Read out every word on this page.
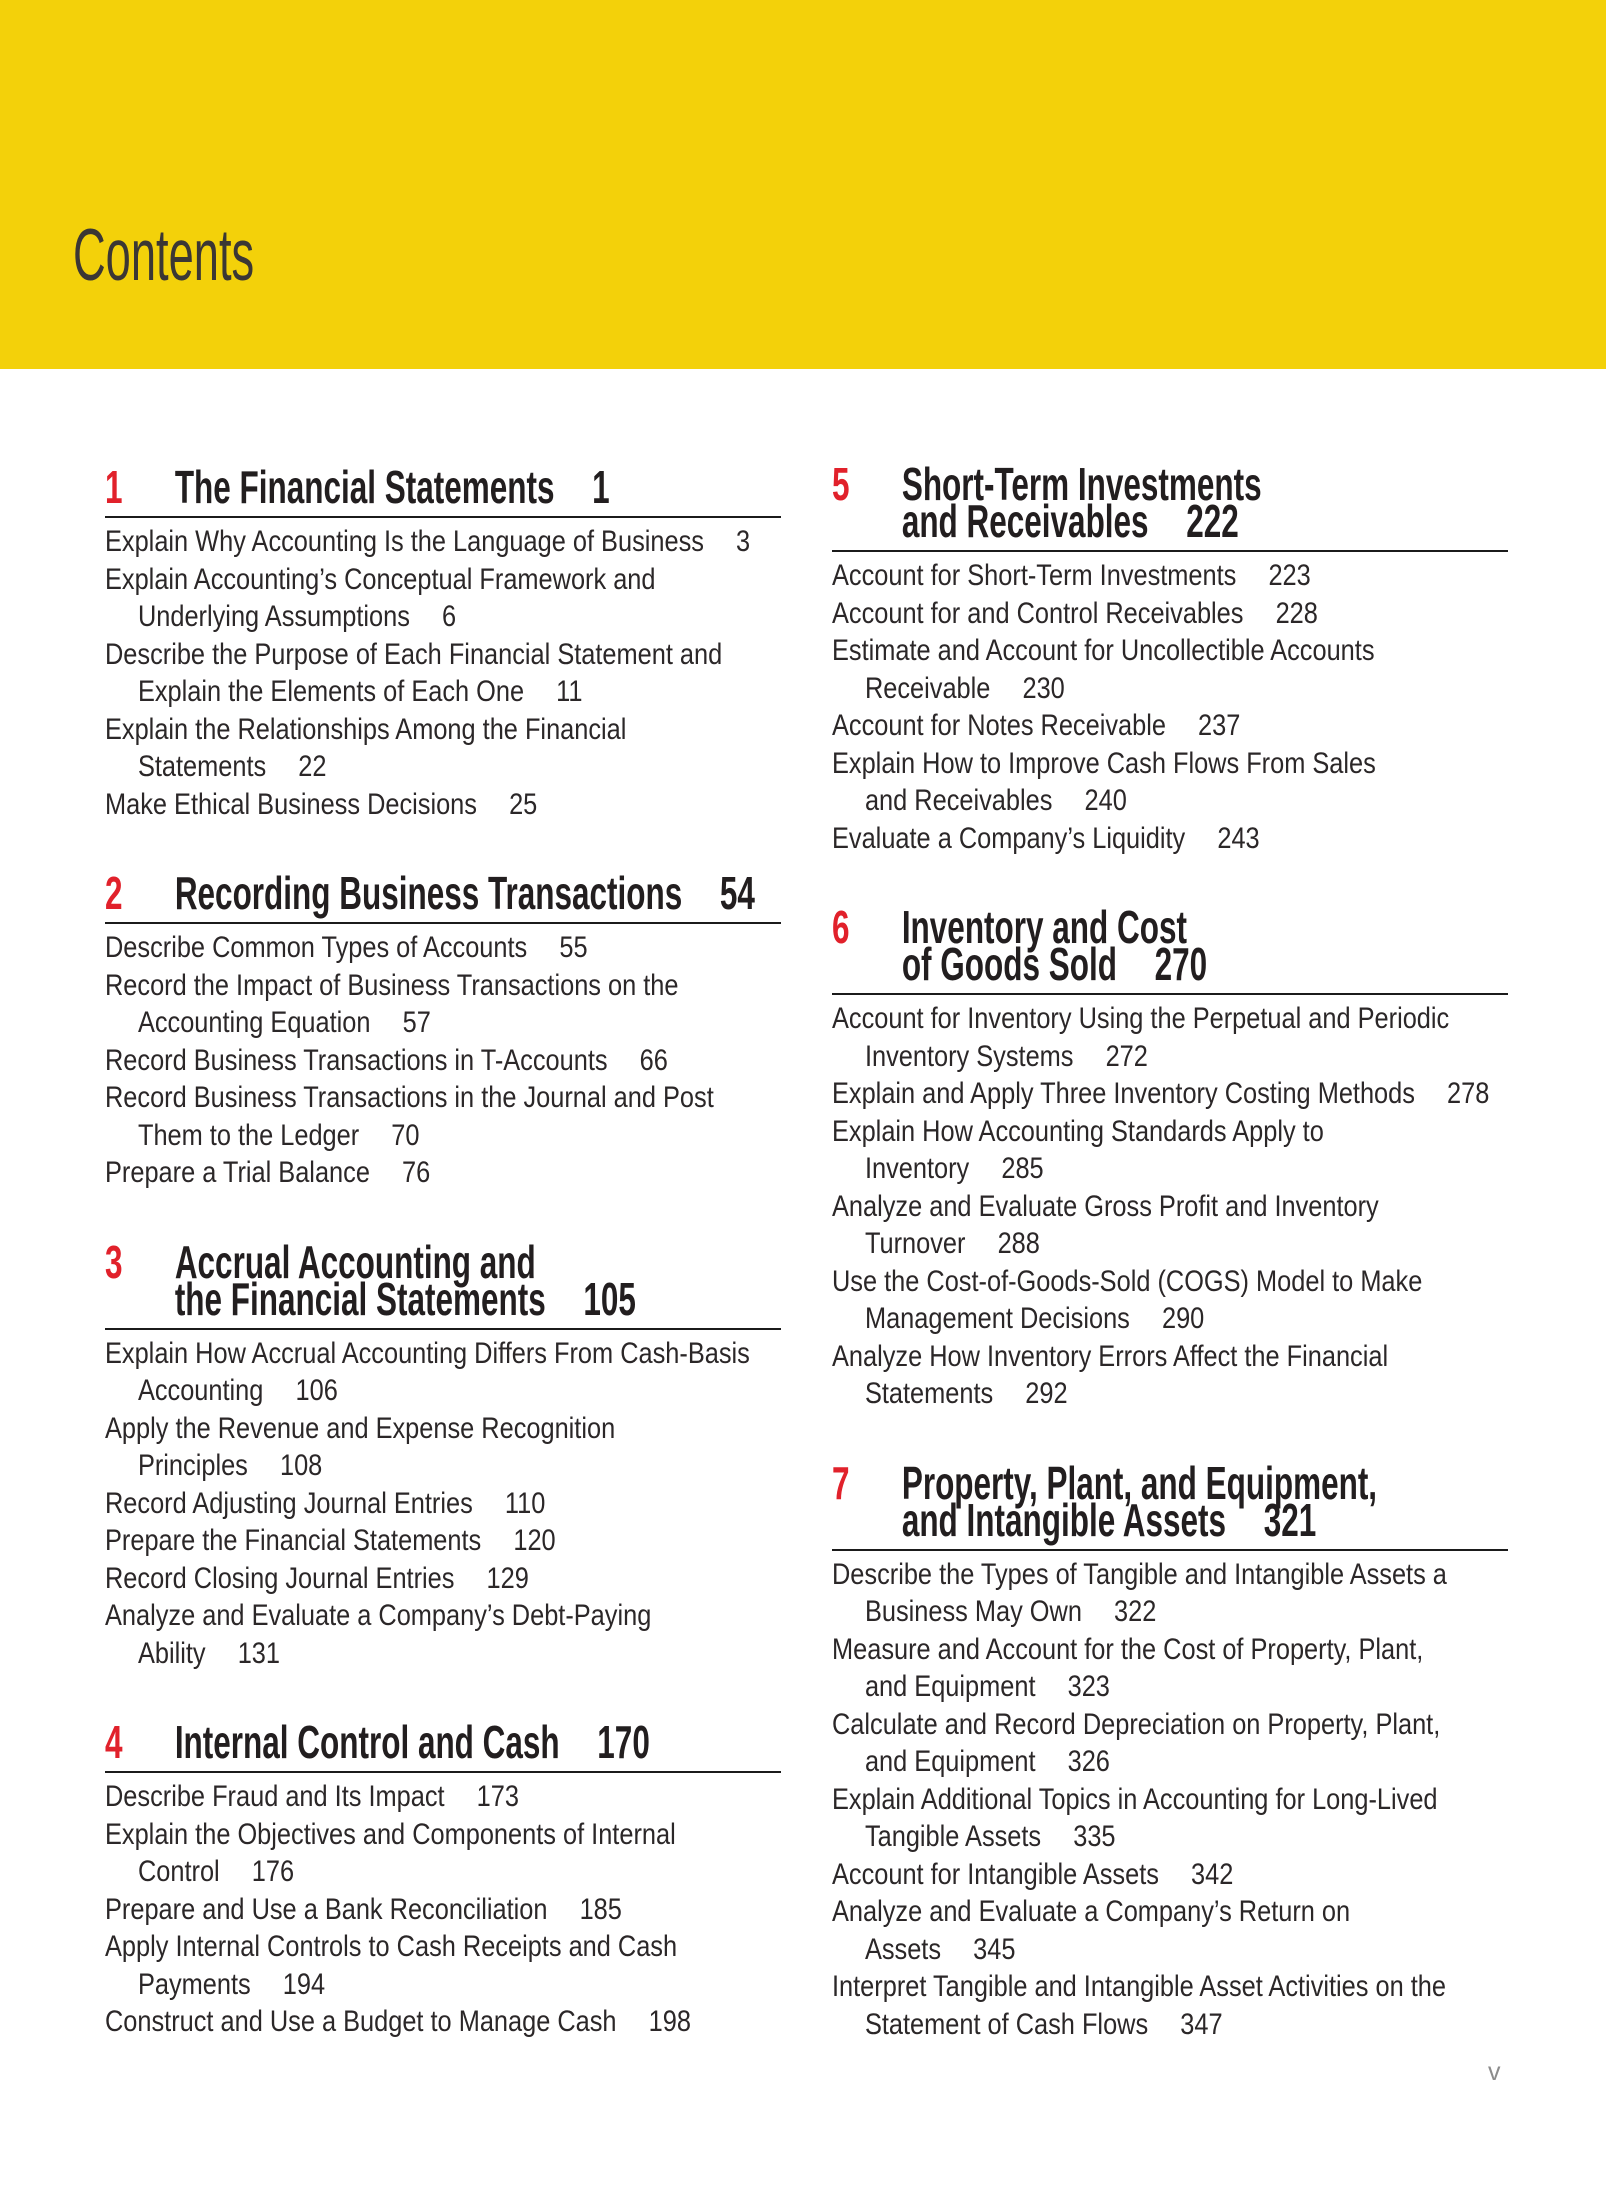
Contents
1 The Financial Statements 1
Explain Why Accounting Is the Language of Business 3
Explain Accounting’s Conceptual Framework and
Underlying Assumptions 6
Describe the Purpose of Each Financial Statement and
Explain the Elements of Each One 11
Explain the Relationships Among the Financial
Statements 22
Make Ethical Business Decisions 25
2 Recording Business Transactions 54
Describe Common Types of Accounts 55
Record the Impact of Business Transactions on the
Accounting Equation 57
Record Business Transactions in T-Accounts 66
Record Business Transactions in the Journal and Post
Them to the Ledger 70
Prepare a Trial Balance 76
3 Accrual Accounting and
the Financial Statements 105
Explain How Accrual Accounting Differs From Cash-Basis
Accounting 106
Apply the Revenue and Expense Recognition
Principles 108
Record Adjusting Journal Entries 110
Prepare the Financial Statements 120
Record Closing Journal Entries 129
Analyze and Evaluate a Company’s Debt-Paying
Ability 131
4 Internal Control and Cash 170
Describe Fraud and Its Impact 173
Explain the Objectives and Components of Internal
Control 176
Prepare and Use a Bank Reconciliation 185
Apply Internal Controls to Cash Receipts and Cash
Payments 194
Construct and Use a Budget to Manage Cash 198
5 Short-Term Investments
and Receivables 222
Account for Short-Term Investments 223
Account for and Control Receivables 228
Estimate and Account for Uncollectible Accounts
Receivable 230
Account for Notes Receivable 237
Explain How to Improve Cash Flows From Sales
and Receivables 240
Evaluate a Company’s Liquidity 243
6 Inventory and Cost
of Goods Sold 270
Account for Inventory Using the Perpetual and Periodic
Inventory Systems 272
Explain and Apply Three Inventory Costing Methods 278
Explain How Accounting Standards Apply to
Inventory 285
Analyze and Evaluate Gross Profit and Inventory
Turnover 288
Use the Cost-of-Goods-Sold (COGS) Model to Make
Management Decisions 290
Analyze How Inventory Errors Affect the Financial
Statements 292
7 Property, Plant, and Equipment,
and Intangible Assets 321
Describe the Types of Tangible and Intangible Assets a
Business May Own 322
Measure and Account for the Cost of Property, Plant,
and Equipment 323
Calculate and Record Depreciation on Property, Plant,
and Equipment 326
Explain Additional Topics in Accounting for Long-Lived
Tangible Assets 335
Account for Intangible Assets 342
Analyze and Evaluate a Company’s Return on
Assets 345
Interpret Tangible and Intangible Asset Activities on the
Statement of Cash Flows 347
v
